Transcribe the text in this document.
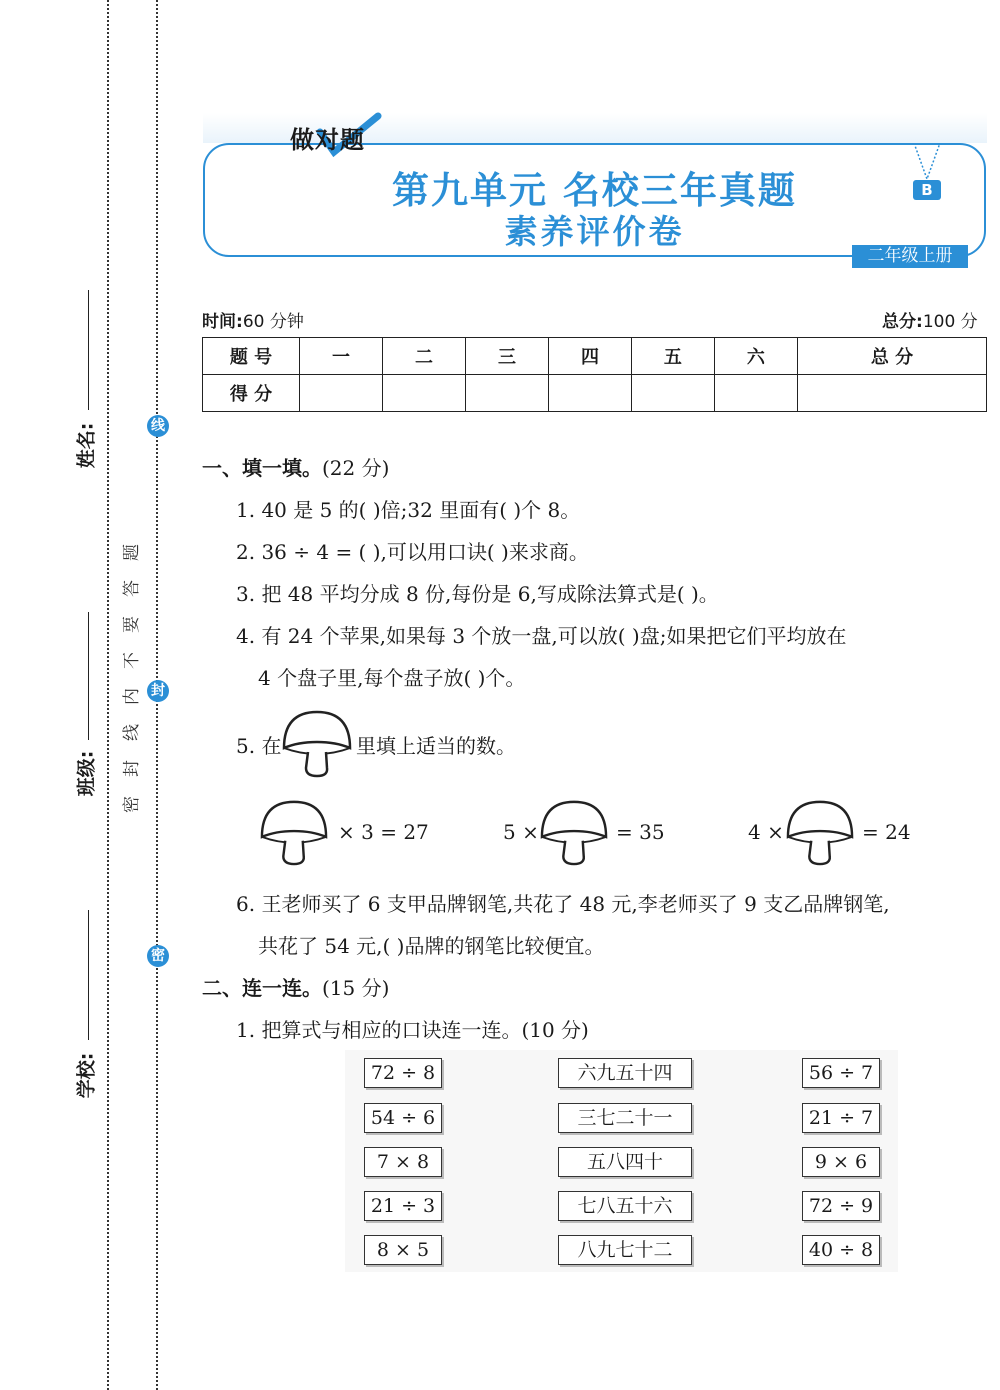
姓名:
班级:
学校:
线
封
密
题
答
要
不
内
线
封
密
做对题
第九单元 名校三年真题
素养评价卷
B
二年级上册
时间:60 分钟	总分:100 分
题 号	一	二	三	四	五	六	总 分
得 分							
一、填一填。(22 分)
1. 40 是 5 的( )倍;32 里面有( )个 8。
2. 36 ÷ 4 = ( ),可以用口诀( )来求商。
3. 把 48 平均分成 8 份,每份是 6,写成除法算式是( )。
4. 有 24 个苹果,如果每 3 个放一盘,可以放( )盘;如果把它们平均放在
4 个盘子里,每个盘子放( )个。
5. 在	里填上适当的数。
× 3 = 27	5 ×	= 35	4 ×	= 24
6. 王老师买了 6 支甲品牌钢笔,共花了 48 元,李老师买了 9 支乙品牌钢笔,
共花了 54 元,( )品牌的钢笔比较便宜。
二、连一连。(15 分)
1. 把算式与相应的口诀连一连。(10 分)
72 ÷ 8
54 ÷ 6
7 × 8
21 ÷ 3
8 × 5
六九五十四
三七二十一
五八四十
七八五十六
八九七十二
56 ÷ 7
21 ÷ 7
9 × 6
72 ÷ 9
40 ÷ 8
